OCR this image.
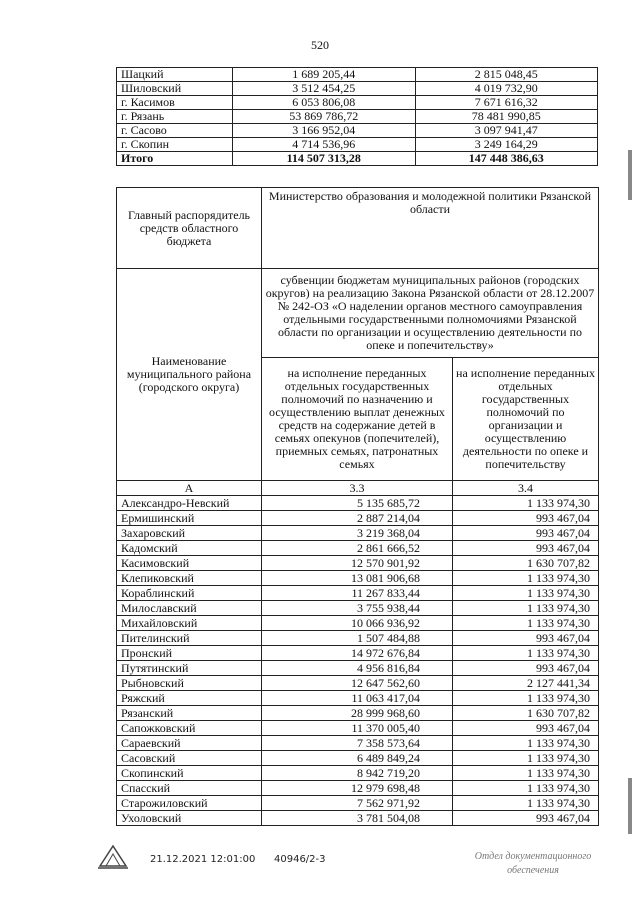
520
Шацкий	1 689 205,44	2 815 048,45
Шиловский	3 512 454,25	4 019 732,90
г. Касимов	6 053 806,08	7 671 616,32
г. Рязань	53 869 786,72	78 481 990,85
г. Сасово	3 166 952,04	3 097 941,47
г. Скопин	4 714 536,96	3 249 164,29
Итого	114 507 313,28	147 448 386,63
Главный распорядитель средств областного бюджета	Министерство образования и молодежной политики Рязанской области	
Наименование муниципального района (городского округа)	субвенции бюджетам муниципальных районов (городских округов) на реализацию Закона Рязанской области от 28.12.2007 № 242-ОЗ «О наделении органов местного самоуправления отдельными государственными полномочиями Рязанской области по организации и осуществлению деятельности по опеке и попечительству»	
	на исполнение переданных отдельных государственных полномочий по назначению и осуществлению выплат денежных средств на содержание детей в семьях опекунов (попечителей), приемных семьях, патронатных семьях	на исполнение переданных отдельных государственных полномочий по организации и осуществлению деятельности по опеке и попечительству
А	3.3	3.4
Александро-Невский	5 135 685,72	1 133 974,30
Ермишинский	2 887 214,04	993 467,04
Захаровский	3 219 368,04	993 467,04
Кадомский	2 861 666,52	993 467,04
Касимовский	12 570 901,92	1 630 707,82
Клепиковский	13 081 906,68	1 133 974,30
Кораблинский	11 267 833,44	1 133 974,30
Милославский	3 755 938,44	1 133 974,30
Михайловский	10 066 936,92	1 133 974,30
Пителинский	1 507 484,88	993 467,04
Пронский	14 972 676,84	1 133 974,30
Путятинский	4 956 816,84	993 467,04
Рыбновский	12 647 562,60	2 127 441,34
Ряжский	11 063 417,04	1 133 974,30
Рязанский	28 999 968,60	1 630 707,82
Сапожковский	11 370 005,40	993 467,04
Сараевский	7 358 573,64	1 133 974,30
Сасовский	6 489 849,24	1 133 974,30
Скопинский	8 942 719,20	1 133 974,30
Спасский	12 979 698,48	1 133 974,30
Старожиловский	7 562 971,92	1 133 974,30
Ухоловский	3 781 504,08	993 467,04
21.12.2021 12:01:00 40946/2-3	Отдел документационного
обеспечения
